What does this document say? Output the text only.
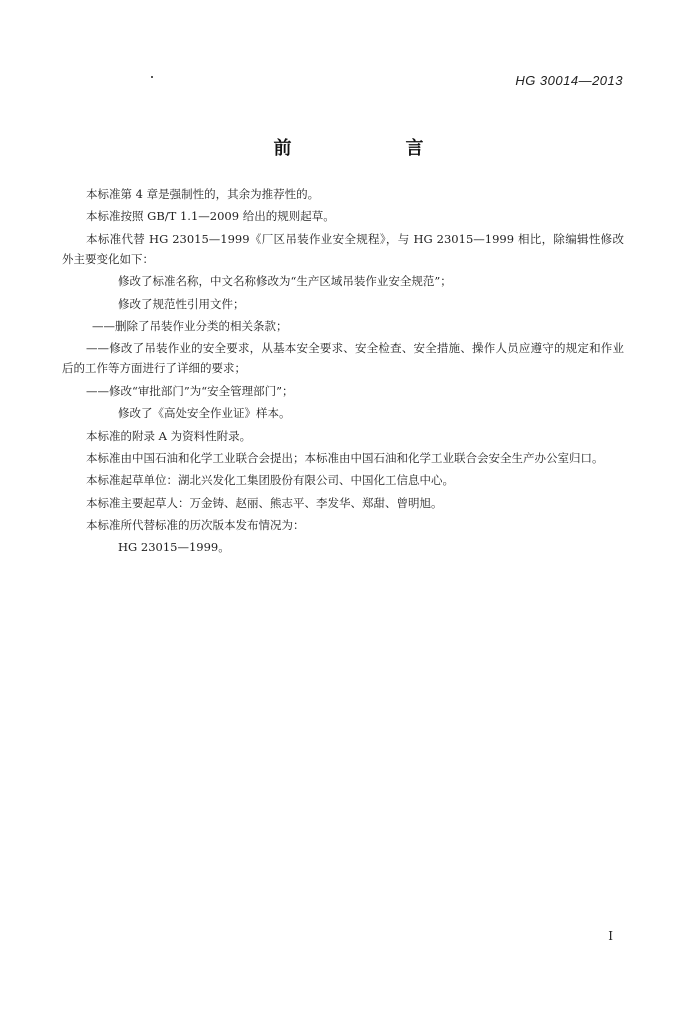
HG 30014—2013
前　言

本标准第 4 章是强制性的，其余为推荐性的。

本标准按照 GB/T 1.1—2009 给出的规则起草。

本标准代替 HG 23015—1999《厂区吊装作业安全规程》，与 HG 23015—1999 相比，除编辑性修改外主要变化如下：

修改了标准名称，中文名称修改为“生产区域吊装作业安全规范”；

修改了规范性引用文件；

——删除了吊装作业分类的相关条款；

——修改了吊装作业的安全要求，从基本安全要求、安全检查、安全措施、操作人员应遵守的规定和作业后的工作等方面进行了详细的要求；

——修改“审批部门”为“安全管理部门”；

修改了《高处安全作业证》样本。

本标准的附录 A 为资料性附录。

本标准由中国石油和化学工业联合会提出；本标准由中国石油和化学工业联合会安全生产办公室归口。

本标准起草单位：湖北兴发化工集团股份有限公司、中国化工信息中心。

本标准主要起草人：万金铸、赵丽、熊志平、李发华、郑甜、曾明旭。

本标准所代替标准的历次版本发布情况为：

HG 23015—1999。

I
